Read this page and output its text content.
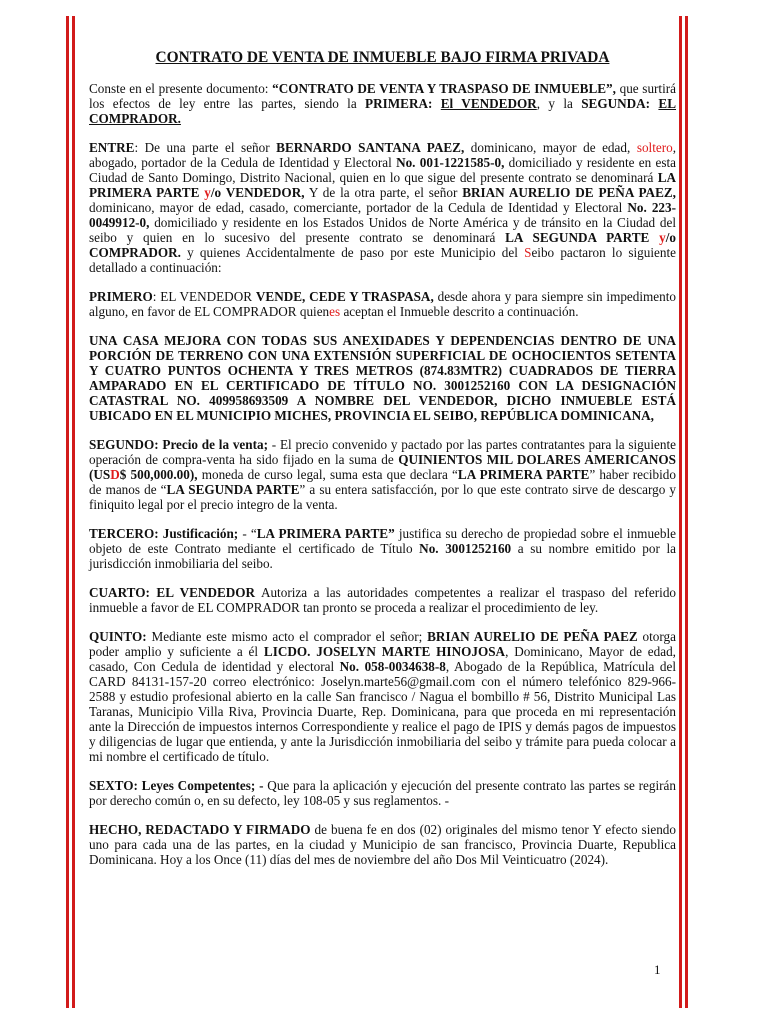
CONTRATO DE VENTA DE INMUEBLE BAJO FIRMA PRIVADA

Conste en el presente documento: “CONTRATO DE VENTA Y TRASPASO DE INMUEBLE”, que surtirá los efectos de ley entre las partes, siendo la PRIMERA: El VENDEDOR, y la SEGUNDA: EL COMPRADOR.

ENTRE: De una parte el señor BERNARDO SANTANA PAEZ, dominicano, mayor de edad, soltero, abogado, portador de la Cedula de Identidad y Electoral No. 001-1221585-0, domiciliado y residente en esta Ciudad de Santo Domingo, Distrito Nacional, quien en lo que sigue del presente contrato se denominará LA PRIMERA PARTE y/o VENDEDOR, Y de la otra parte, el señor BRIAN AURELIO DE PEÑA PAEZ, dominicano, mayor de edad, casado, comerciante, portador de la Cedula de Identidad y Electoral No. 223-0049912-0, domiciliado y residente en los Estados Unidos de Norte América y de tránsito en la Ciudad del seibo y quien en lo sucesivo del presente contrato se denominará LA SEGUNDA PARTE y/o COMPRADOR. y quienes Accidentalmente de paso por este Municipio del Seibo pactaron lo siguiente detallado a continuación:

PRIMERO: EL VENDEDOR VENDE, CEDE Y TRASPASA, desde ahora y para siempre sin impedimento alguno, en favor de EL COMPRADOR quienes aceptan el Inmueble descrito a continuación.

UNA CASA MEJORA CON TODAS SUS ANEXIDADES Y DEPENDENCIAS DENTRO DE UNA PORCIÓN DE TERRENO CON UNA EXTENSIÓN SUPERFICIAL DE OCHOCIENTOS SETENTA Y CUATRO PUNTOS OCHENTA Y TRES METROS (874.83MTR2) CUADRADOS DE TIERRA AMPARADO EN EL CERTIFICADO DE TÍTULO NO. 3001252160 CON LA DESIGNACIÓN CATASTRAL NO. 409958693509 A NOMBRE DEL VENDEDOR, DICHO INMUEBLE ESTÁ UBICADO EN EL MUNICIPIO MICHES, PROVINCIA EL SEIBO, REPÚBLICA DOMINICANA,

SEGUNDO: Precio de la venta; - El precio convenido y pactado por las partes contratantes para la siguiente operación de compra-venta ha sido fijado en la suma de QUINIENTOS MIL DOLARES AMERICANOS (USD$ 500,000.00), moneda de curso legal, suma esta que declara “LA PRIMERA PARTE” haber recibido de manos de “LA SEGUNDA PARTE” a su entera satisfacción, por lo que este contrato sirve de descargo y finiquito legal por el precio integro de la venta.

TERCERO: Justificación; - “LA PRIMERA PARTE” justifica su derecho de propiedad sobre el inmueble objeto de este Contrato mediante el certificado de Título No. 3001252160 a su nombre emitido por la jurisdicción inmobiliaria del seibo.

CUARTO: EL VENDEDOR Autoriza a las autoridades competentes a realizar el traspaso del referido inmueble a favor de EL COMPRADOR tan pronto se proceda a realizar el procedimiento de ley.

QUINTO: Mediante este mismo acto el comprador el señor; BRIAN AURELIO DE PEÑA PAEZ otorga poder amplio y suficiente a él LICDO. JOSELYN MARTE HINOJOSA, Dominicano, Mayor de edad, casado, Con Cedula de identidad y electoral No. 058-0034638-8, Abogado de la República, Matrícula del CARD 84131-157-20 correo electrónico: Joselyn.marte56@gmail.com con el número telefónico 829-966-2588 y estudio profesional abierto en la calle San francisco / Nagua el bombillo # 56, Distrito Municipal Las Taranas, Municipio Villa Riva, Provincia Duarte, Rep. Dominicana, para que proceda en mi representación ante la Dirección de impuestos internos Correspondiente y realice el pago de IPIS y demás pagos de impuestos y diligencias de lugar que entienda, y ante la Jurisdicción inmobiliaria del seibo y trámite para pueda colocar a mi nombre el certificado de título.

SEXTO: Leyes Competentes; - Que para la aplicación y ejecución del presente contrato las partes se regirán por derecho común o, en su defecto, ley 108-05 y sus reglamentos. -

HECHO, REDACTADO Y FIRMADO de buena fe en dos (02) originales del mismo tenor Y efecto siendo uno para cada una de las partes, en la ciudad y Municipio de san francisco, Provincia Duarte, Republica Dominicana. Hoy a los Once (11) días del mes de noviembre del año Dos Mil Veinticuatro (2024).

1
